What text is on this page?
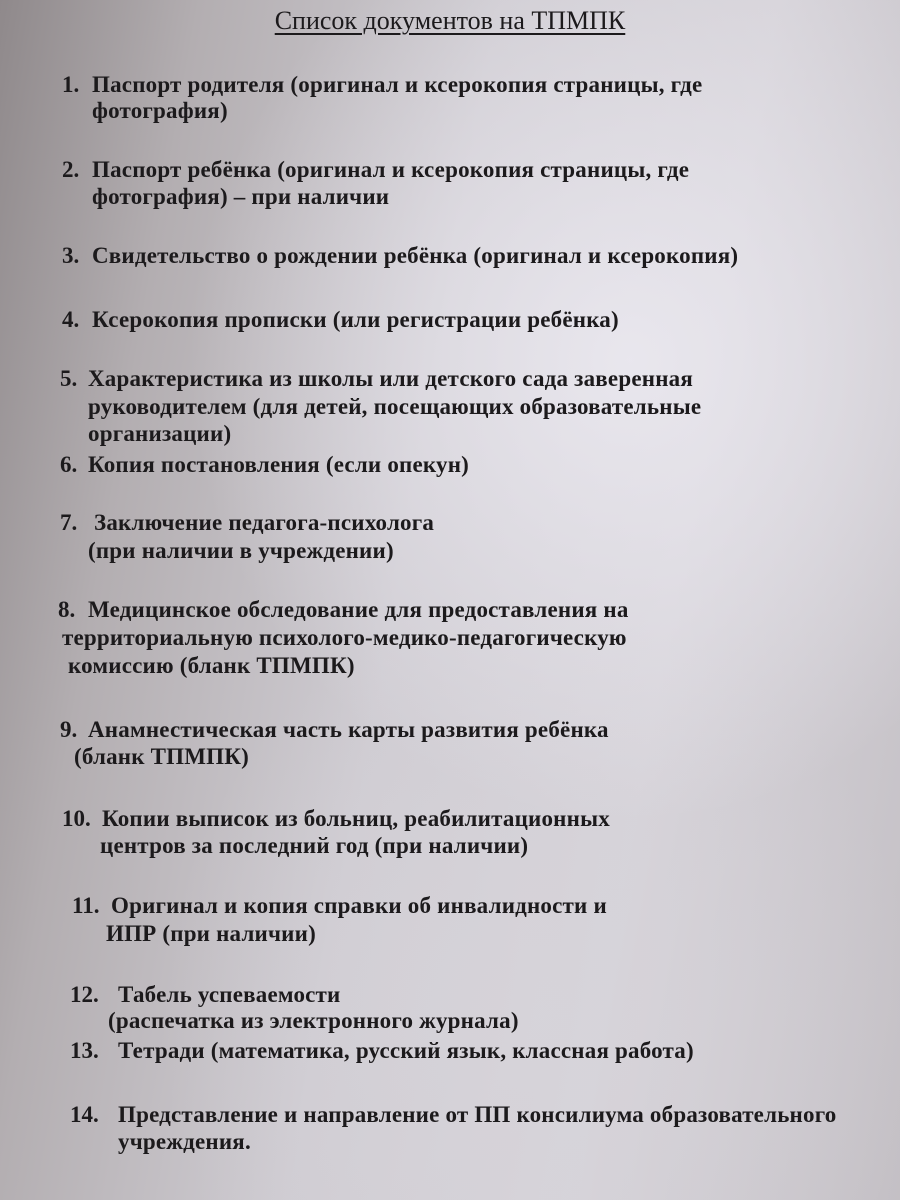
Список документов на ТПМПК
1. Паспорт родителя (оригинал и ксерокопия страницы, где
фотография)
2. Паспорт ребёнка (оригинал и ксерокопия страницы, где
фотография) – при наличии
3. Свидетельство о рождении ребёнка (оригинал и ксерокопия)
4. Ксерокопия прописки (или регистрации ребёнка)
5. Характеристика из школы или детского сада заверенная
руководителем (для детей, посещающих образовательные
организации)
6. Копия постановления (если опекун)
7. Заключение педагога-психолога
(при наличии в учреждении)
8. Медицинское обследование для предоставления на
территориальную психолого-медико-педагогическую
комиссию (бланк ТПМПК)
9. Анамнестическая часть карты развития ребёнка
(бланк ТПМПК)
10. Копии выписок из больниц, реабилитационных
центров за последний год (при наличии)
11. Оригинал и копия справки об инвалидности и
ИПР (при наличии)
12. Табель успеваемости
(распечатка из электронного журнала)
13. Тетради (математика, русский язык, классная работа)
14. Представление и направление от ПП консилиума образовательного
учреждения.
